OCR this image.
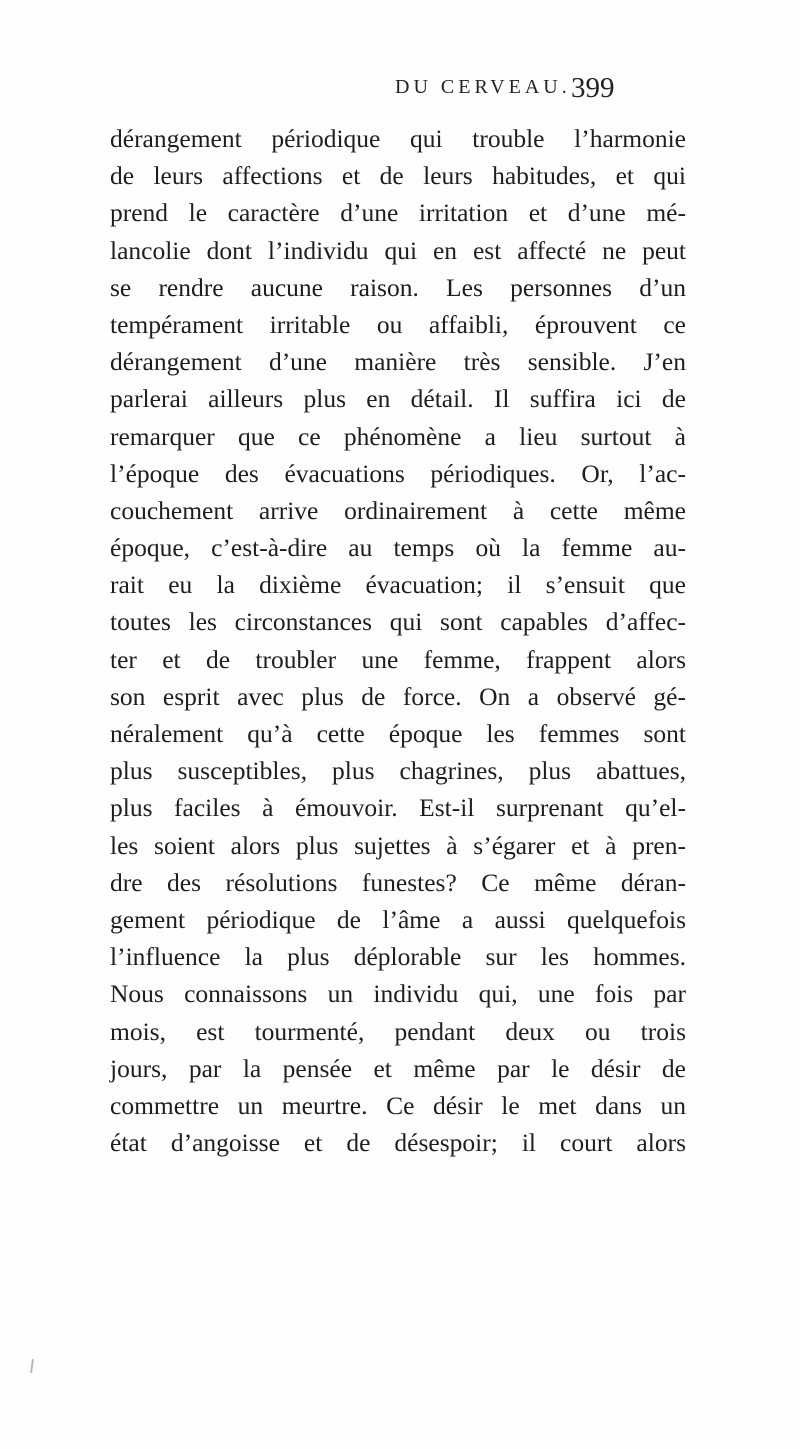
DU CERVEAU. 399
dérangement périodique qui trouble l’harmonie
de leurs affections et de leurs habitudes, et qui
prend le caractère d’une irritation et d’une mé-
lancolie dont l’individu qui en est affecté ne peut
se rendre aucune raison. Les personnes d’un
tempérament irritable ou affaibli, éprouvent ce
dérangement d’une manière très sensible. J’en
parlerai ailleurs plus en détail. Il suffira ici de
remarquer que ce phénomène a lieu surtout à
l’époque des évacuations périodiques. Or, l’ac-
couchement arrive ordinairement à cette même
époque, c’est-à-dire au temps où la femme au-
rait eu la dixième évacuation; il s’ensuit que
toutes les circonstances qui sont capables d’affec-
ter et de troubler une femme, frappent alors
son esprit avec plus de force. On a observé gé-
néralement qu’à cette époque les femmes sont
plus susceptibles, plus chagrines, plus abattues,
plus faciles à émouvoir. Est-il surprenant qu’el-
les soient alors plus sujettes à s’égarer et à pren-
dre des résolutions funestes? Ce même déran-
gement périodique de l’âme a aussi quelquefois
l’influence la plus déplorable sur les hommes.
Nous connaissons un individu qui, une fois par
mois, est tourmenté, pendant deux ou trois
jours, par la pensée et même par le désir de
commettre un meurtre. Ce désir le met dans un
état d’angoisse et de désespoir; il court alors
